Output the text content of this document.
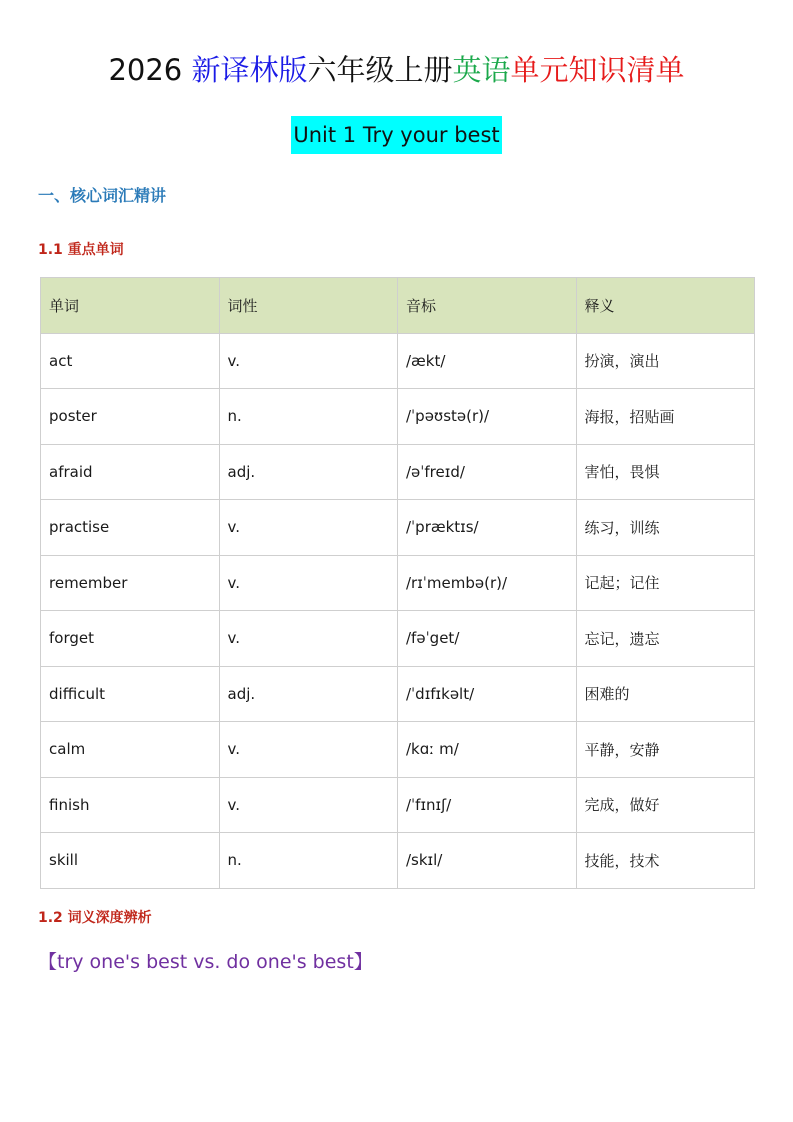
2026 新译林版六年级上册英语单元知识清单
Unit 1 Try your best
一、核心词汇精讲
1.1 重点单词
单词	词性	音标	释义
act	v.	/ækt/	扮演，演出
poster	n.	/ˈpəʊstə(r)/	海报，招贴画
afraid	adj.	/əˈfreɪd/	害怕，畏惧
practise	v.	/ˈpræktɪs/	练习，训练
remember	v.	/rɪˈmembə(r)/	记起；记住
forget	v.	/fəˈget/	忘记，遗忘
difficult	adj.	/ˈdɪfɪkəlt/	困难的
calm	v.	/kɑː m/	平静，安静
finish	v.	/ˈfɪnɪʃ/	完成，做好
skill	n.	/skɪl/	技能，技术
1.2 词义深度辨析
【try one's best vs. do one's best】
